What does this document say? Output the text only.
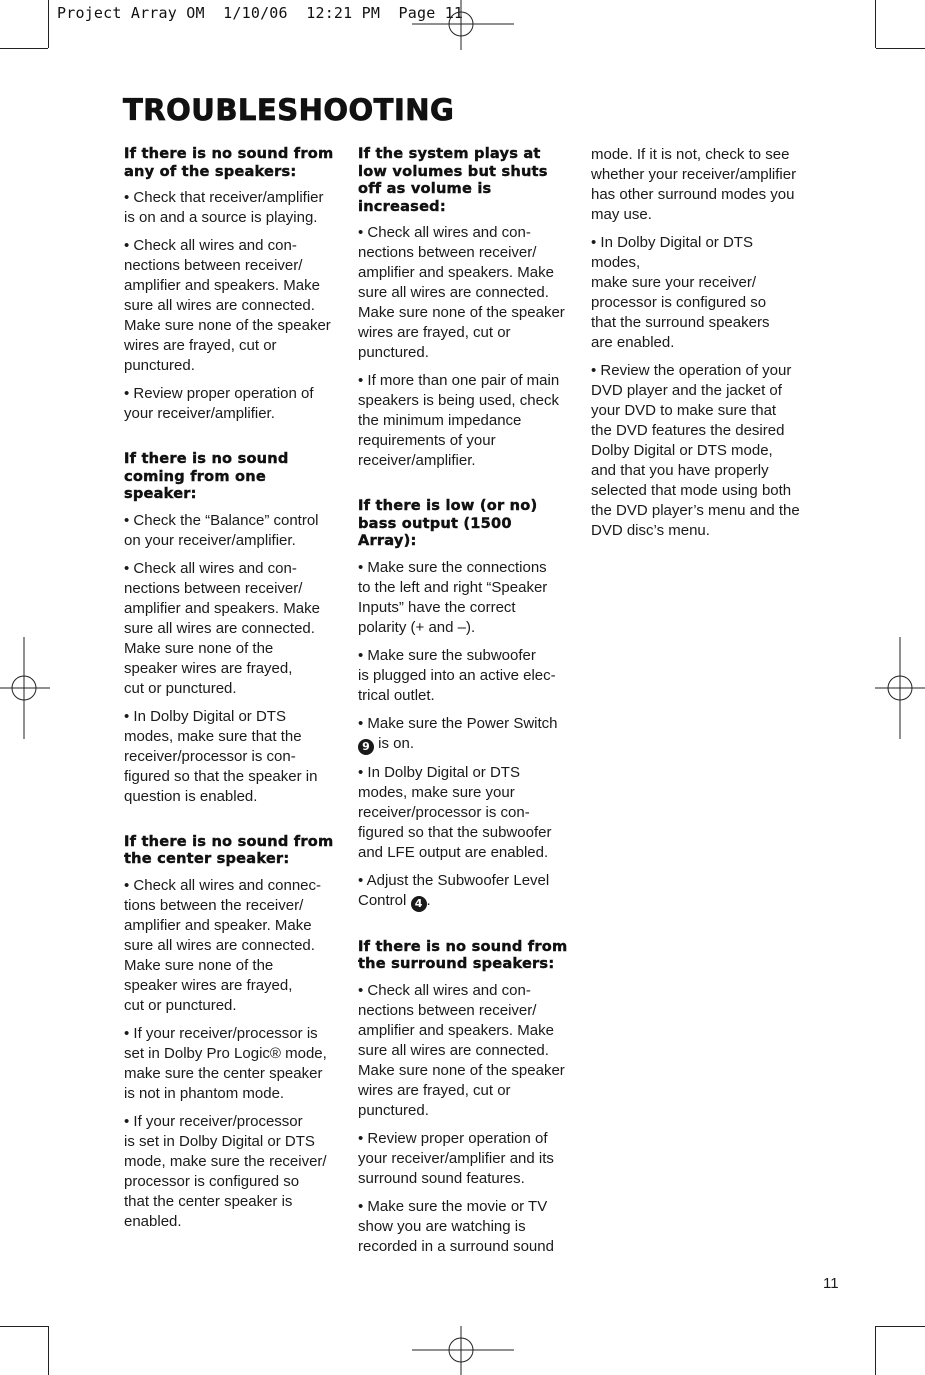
Project Array OM  1/10/06  12:21 PM  Page 11
TROUBLESHOOTING
If there is no sound from any of the speakers:

• Check that receiver/amplifier
is on and a source is playing.

• Check all wires and con-
nections between receiver/
amplifier and speakers. Make
sure all wires are connected.
Make sure none of the speaker
wires are frayed, cut or
punctured.

• Review proper operation of
your receiver/amplifier.

If there is no sound coming from one speaker:

• Check the “Balance” control
on your receiver/amplifier.

• Check all wires and con-
nections between receiver/
amplifier and speakers. Make
sure all wires are connected.
Make sure none of the
speaker wires are frayed,
cut or punctured.

• In Dolby Digital or DTS
modes, make sure that the
receiver/processor is con-
figured so that the speaker in
question is enabled.

If there is no sound from the center speaker:

• Check all wires and connec-
tions between the receiver/
amplifier and speaker. Make
sure all wires are connected.
Make sure none of the
speaker wires are frayed,
cut or punctured.

• If your receiver/processor is
set in Dolby Pro Logic® mode,
make sure the center speaker
is not in phantom mode.

• If your receiver/processor
is set in Dolby Digital or DTS
mode, make sure the receiver/
processor is configured so
that the center speaker is
enabled.

If the system plays at low volumes but shuts off as volume is increased:

• Check all wires and con-
nections between receiver/
amplifier and speakers. Make
sure all wires are connected.
Make sure none of the speaker
wires are frayed, cut or
punctured.

• If more than one pair of main
speakers is being used, check
the minimum impedance
requirements of your
receiver/amplifier.

If there is low (or no) bass output (1500 Array):

• Make sure the connections
to the left and right “Speaker
Inputs” have the correct
polarity (+ and –).

• Make sure the subwoofer
is plugged into an active elec-
trical outlet.

• Make sure the Power Switch
9 is on.

• In Dolby Digital or DTS
modes, make sure your
receiver/processor is con-
figured so that the subwoofer
and LFE output are enabled.

• Adjust the Subwoofer Level
Control 4 .

If there is no sound from the surround speakers:

• Check all wires and con-
nections between receiver/
amplifier and speakers. Make
sure all wires are connected.
Make sure none of the speaker
wires are frayed, cut or
punctured.

• Review proper operation of
your receiver/amplifier and its
surround sound features.

• Make sure the movie or TV
show you are watching is
recorded in a surround sound

mode. If it is not, check to see
whether your receiver/amplifier
has other surround modes you
may use.

• In Dolby Digital or DTS modes,
make sure your receiver/
processor is configured so
that the surround speakers
are enabled.

• Review the operation of your
DVD player and the jacket of
your DVD to make sure that
the DVD features the desired
Dolby Digital or DTS mode,
and that you have properly
selected that mode using both
the DVD player’s menu and the
DVD disc’s menu.

11
